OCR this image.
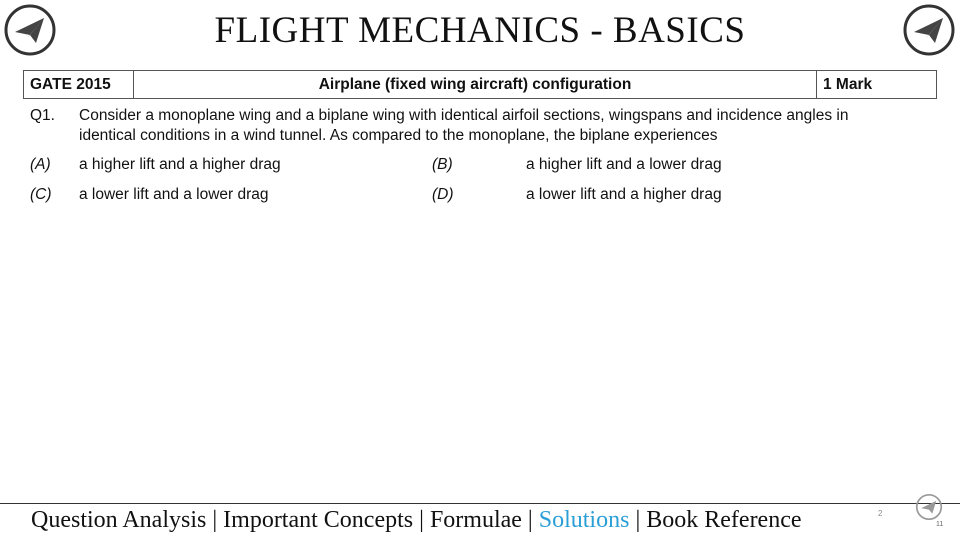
FLIGHT MECHANICS - BASICS
GATE 2015	Airplane (fixed wing aircraft) configuration	1 Mark
Q1. Consider a monoplane wing and a biplane wing with identical airfoil sections, wingspans and incidence angles in identical conditions in a wind tunnel. As compared to the monoplane, the biplane experiences
(A) a higher lift and a higher drag	(B)	a higher lift and a lower drag
(C) a lower lift and a lower drag	(D)	a lower lift and a higher drag
Question Analysis | Important Concepts | Formulae | Solutions | Book Reference	2
11
